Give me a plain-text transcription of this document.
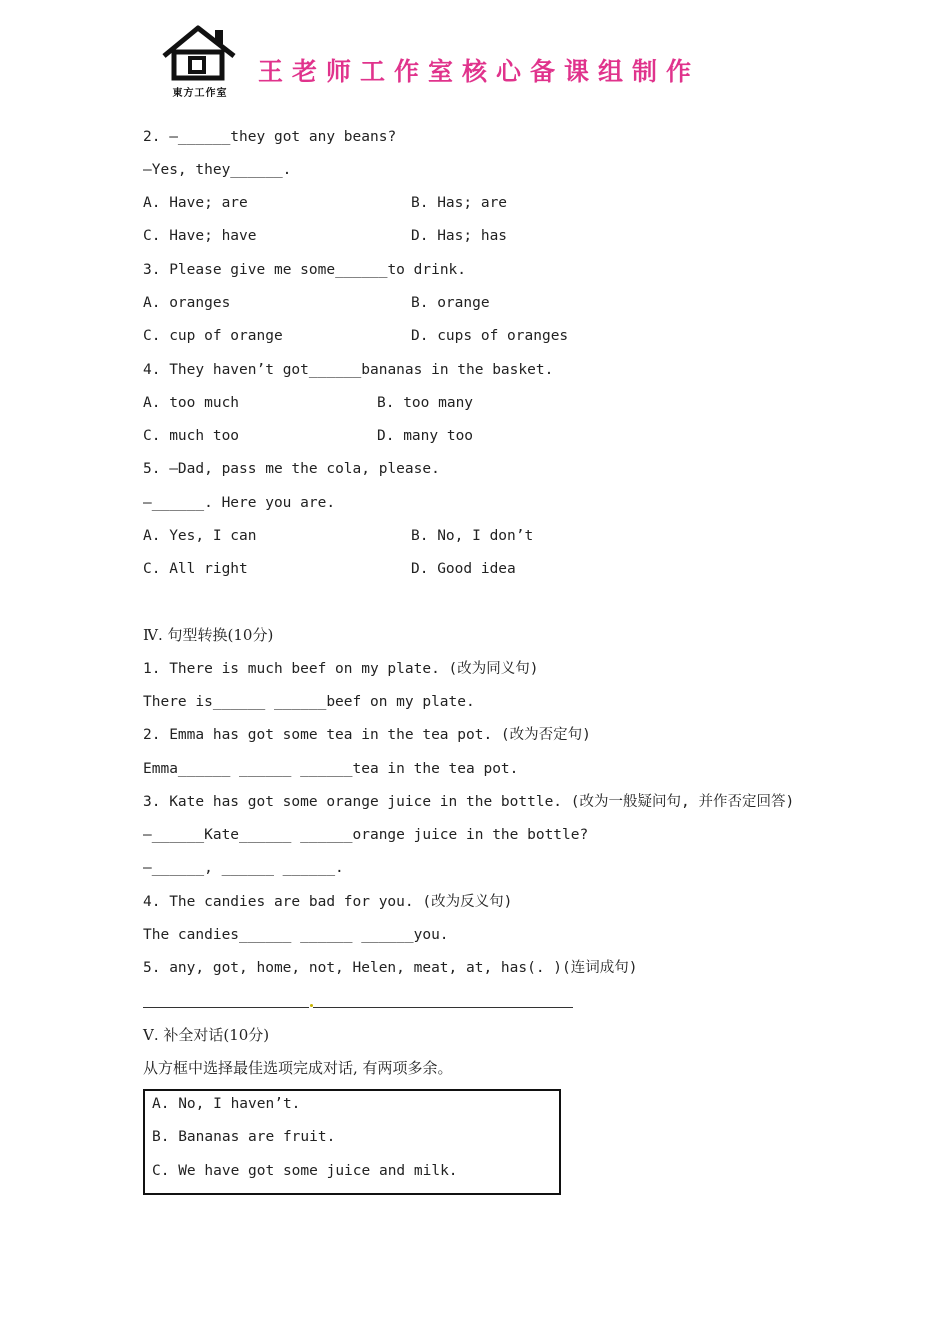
東方工作室
王老师工作室核心备课组制作
2. —______they got any beans?
—Yes, they______.
A. Have; are	B. Has; are
C. Have; have	D. Has; has
3. Please give me some______to drink.
A. oranges	B. orange
C. cup of orange	D. cups of oranges
4. They haven’t got______bananas in the basket.
A. too much	B. too many
C. much too	D. many too
5. —Dad, pass me the cola, please.
—______. Here you are.
A. Yes, I can	B. No, I don’t
C. All right	D. Good idea
Ⅳ. 句型转换(10分)
1. There is much beef on my plate. (改为同义句)
There is______ ______beef on my plate.
2. Emma has got some tea in the tea pot. (改为否定句)
Emma______ ______ ______tea in the tea pot.
3. Kate has got some orange juice in the bottle. (改为一般疑问句, 并作否定回答)
—______Kate______ ______orange juice in the bottle?
—______, ______ ______.
4. The candies are bad for you. (改为反义句)
The candies______ ______ ______you.
5. any, got, home, not, Helen, meat, at, has(. )(连词成句)
Ⅴ. 补全对话(10分)
从方框中选择最佳选项完成对话, 有两项多余。
A. No, I haven’t.
B. Bananas are fruit.
C. We have got some juice and milk.
